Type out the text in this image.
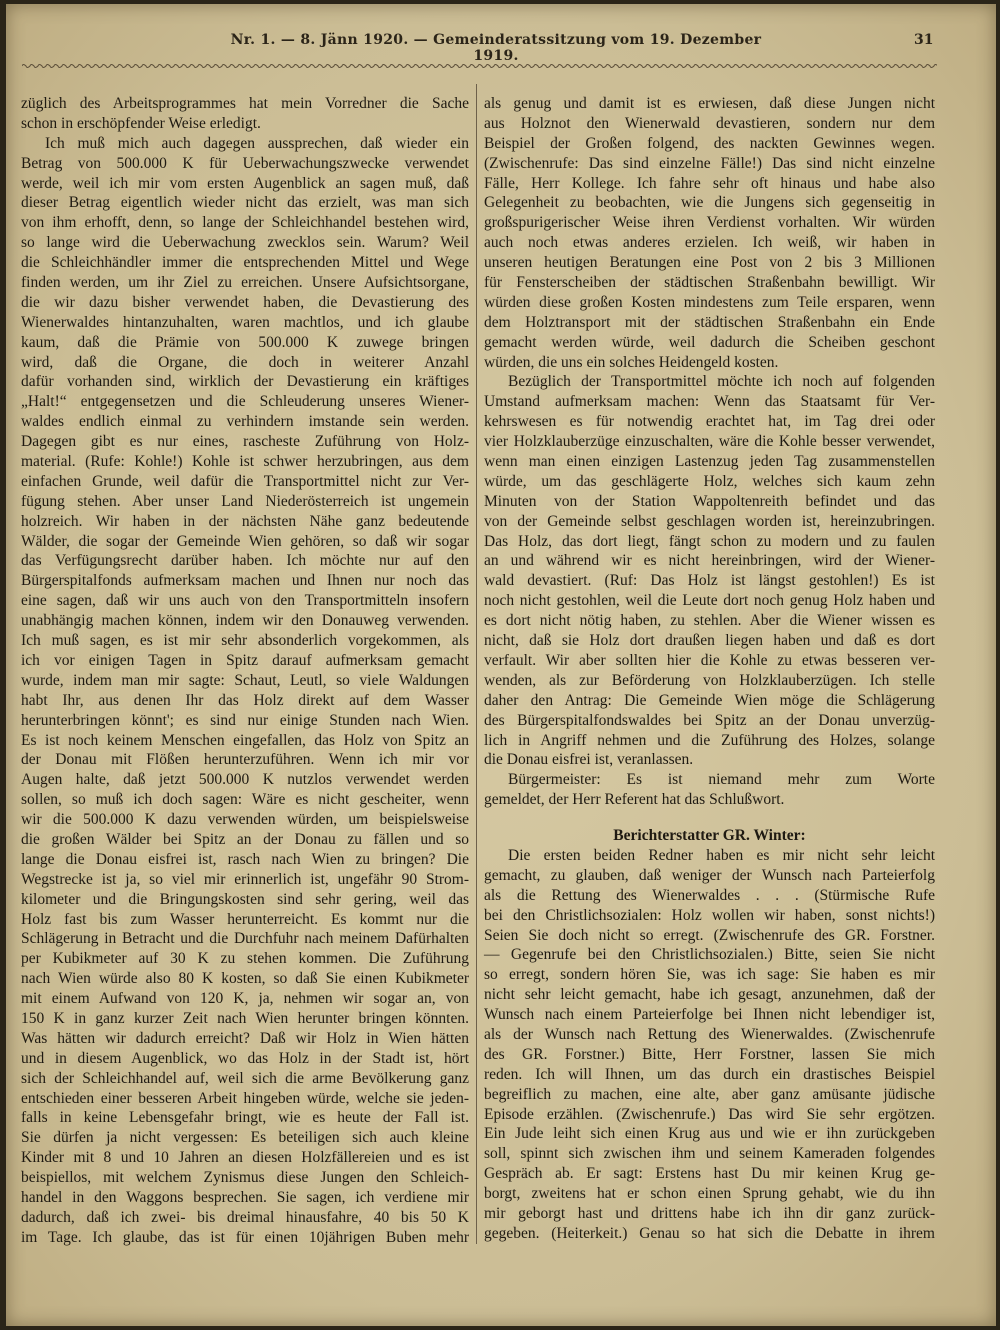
Nr. 1. — 8. Jänn 1920. — Gemeinderatssitzung vom 19. Dezember 1919.
31
züglich des Arbeitsprogrammes hat mein Vorredner die Sache
schon in erschöpfender Weise erledigt.
Ich muß mich auch dagegen aussprechen, daß wieder ein
Betrag von 500.000 K für Ueberwachungszwecke verwendet
werde, weil ich mir vom ersten Augenblick an sagen muß, daß
dieser Betrag eigentlich wieder nicht das erzielt, was man sich
von ihm erhofft, denn, so lange der Schleichhandel bestehen wird,
so lange wird die Ueberwachung zwecklos sein. Warum? Weil
die Schleichhändler immer die entsprechenden Mittel und Wege
finden werden, um ihr Ziel zu erreichen. Unsere Aufsichtsorgane,
die wir dazu bisher verwendet haben, die Devastierung des
Wienerwaldes hintanzuhalten, waren machtlos, und ich glaube
kaum, daß die Prämie von 500.000 K zuwege bringen
wird, daß die Organe, die doch in weiterer Anzahl
dafür vorhanden sind, wirklich der Devastierung ein kräftiges
„Halt!“ entgegensetzen und die Schleuderung unseres Wiener-
waldes endlich einmal zu verhindern imstande sein werden.
Dagegen gibt es nur eines, rascheste Zuführung von Holz-
material. (Rufe: Kohle!) Kohle ist schwer herzubringen, aus dem
einfachen Grunde, weil dafür die Transportmittel nicht zur Ver-
fügung stehen. Aber unser Land Niederösterreich ist ungemein
holzreich. Wir haben in der nächsten Nähe ganz bedeutende
Wälder, die sogar der Gemeinde Wien gehören, so daß wir sogar
das Verfügungsrecht darüber haben. Ich möchte nur auf den
Bürgerspitalfonds aufmerksam machen und Ihnen nur noch das
eine sagen, daß wir uns auch von den Transportmitteln insofern
unabhängig machen können, indem wir den Donauweg verwenden.
Ich muß sagen, es ist mir sehr absonderlich vorgekommen, als
ich vor einigen Tagen in Spitz darauf aufmerksam gemacht
wurde, indem man mir sagte: Schaut, Leutl, so viele Waldungen
habt Ihr, aus denen Ihr das Holz direkt auf dem Wasser
herunterbringen könnt'; es sind nur einige Stunden nach Wien.
Es ist noch keinem Menschen eingefallen, das Holz von Spitz an
der Donau mit Flößen herunterzuführen. Wenn ich mir vor
Augen halte, daß jetzt 500.000 K nutzlos verwendet werden
sollen, so muß ich doch sagen: Wäre es nicht gescheiter, wenn
wir die 500.000 K dazu verwenden würden, um beispielsweise
die großen Wälder bei Spitz an der Donau zu fällen und so
lange die Donau eisfrei ist, rasch nach Wien zu bringen? Die
Wegstrecke ist ja, so viel mir erinnerlich ist, ungefähr 90 Strom-
kilometer und die Bringungskosten sind sehr gering, weil das
Holz fast bis zum Wasser herunterreicht. Es kommt nur die
Schlägerung in Betracht und die Durchfuhr nach meinem Dafürhalten
per Kubikmeter auf 30 K zu stehen kommen. Die Zuführung
nach Wien würde also 80 K kosten, so daß Sie einen Kubikmeter
mit einem Aufwand von 120 K, ja, nehmen wir sogar an, von
150 K in ganz kurzer Zeit nach Wien herunter bringen könnten.
Was hätten wir dadurch erreicht? Daß wir Holz in Wien hätten
und in diesem Augenblick, wo das Holz in der Stadt ist, hört
sich der Schleichhandel auf, weil sich die arme Bevölkerung ganz
entschieden einer besseren Arbeit hingeben würde, welche sie jeden-
falls in keine Lebensgefahr bringt, wie es heute der Fall ist.
Sie dürfen ja nicht vergessen: Es beteiligen sich auch kleine
Kinder mit 8 und 10 Jahren an diesen Holzfällereien und es ist
beispiellos, mit welchem Zynismus diese Jungen den Schleich-
handel in den Waggons besprechen. Sie sagen, ich verdiene mir
dadurch, daß ich zwei- bis dreimal hinausfahre, 40 bis 50 K
im Tage. Ich glaube, das ist für einen 10jährigen Buben mehr
als genug und damit ist es erwiesen, daß diese Jungen nicht
aus Holznot den Wienerwald devastieren, sondern nur dem
Beispiel der Großen folgend, des nackten Gewinnes wegen.
(Zwischenrufe: Das sind einzelne Fälle!) Das sind nicht einzelne
Fälle, Herr Kollege. Ich fahre sehr oft hinaus und habe also
Gelegenheit zu beobachten, wie die Jungens sich gegenseitig in
großspurigerischer Weise ihren Verdienst vorhalten. Wir würden
auch noch etwas anderes erzielen. Ich weiß, wir haben in
unseren heutigen Beratungen eine Post von 2 bis 3 Millionen
für Fensterscheiben der städtischen Straßenbahn bewilligt. Wir
würden diese großen Kosten mindestens zum Teile ersparen, wenn
dem Holztransport mit der städtischen Straßenbahn ein Ende
gemacht werden würde, weil dadurch die Scheiben geschont
würden, die uns ein solches Heidengeld kosten.
Bezüglich der Transportmittel möchte ich noch auf folgenden
Umstand aufmerksam machen: Wenn das Staatsamt für Ver-
kehrswesen es für notwendig erachtet hat, im Tag drei oder
vier Holzklauberzüge einzuschalten, wäre die Kohle besser verwendet,
wenn man einen einzigen Lastenzug jeden Tag zusammenstellen
würde, um das geschlägerte Holz, welches sich kaum zehn
Minuten von der Station Wappoltenreith befindet und das
von der Gemeinde selbst geschlagen worden ist, hereinzubringen.
Das Holz, das dort liegt, fängt schon zu modern und zu faulen
an und während wir es nicht hereinbringen, wird der Wiener-
wald devastiert. (Ruf: Das Holz ist längst gestohlen!) Es ist
noch nicht gestohlen, weil die Leute dort noch genug Holz haben und
es dort nicht nötig haben, zu stehlen. Aber die Wiener wissen es
nicht, daß sie Holz dort draußen liegen haben und daß es dort
verfault. Wir aber sollten hier die Kohle zu etwas besseren ver-
wenden, als zur Beförderung von Holzklauberzügen. Ich stelle
daher den Antrag: Die Gemeinde Wien möge die Schlägerung
des Bürgerspitalfondswaldes bei Spitz an der Donau unverzüg-
lich in Angriff nehmen und die Zuführung des Holzes, solange
die Donau eisfrei ist, veranlassen.
Bürgermeister: Es ist niemand mehr zum Worte
gemeldet, der Herr Referent hat das Schlußwort.
Berichterstatter GR. Winter:
Die ersten beiden Redner haben es mir nicht sehr leicht
gemacht, zu glauben, daß weniger der Wunsch nach Parteierfolg
als die Rettung des Wienerwaldes . . . (Stürmische Rufe
bei den Christlichsozialen: Holz wollen wir haben, sonst nichts!)
Seien Sie doch nicht so erregt. (Zwischenrufe des GR. Forstner.
— Gegenrufe bei den Christlichsozialen.) Bitte, seien Sie nicht
so erregt, sondern hören Sie, was ich sage: Sie haben es mir
nicht sehr leicht gemacht, habe ich gesagt, anzunehmen, daß der
Wunsch nach einem Parteierfolge bei Ihnen nicht lebendiger ist,
als der Wunsch nach Rettung des Wienerwaldes. (Zwischenrufe
des GR. Forstner.) Bitte, Herr Forstner, lassen Sie mich
reden. Ich will Ihnen, um das durch ein drastisches Beispiel
begreiflich zu machen, eine alte, aber ganz amüsante jüdische
Episode erzählen. (Zwischenrufe.) Das wird Sie sehr ergötzen.
Ein Jude leiht sich einen Krug aus und wie er ihn zurückgeben
soll, spinnt sich zwischen ihm und seinem Kameraden folgendes
Gespräch ab. Er sagt: Erstens hast Du mir keinen Krug ge-
borgt, zweitens hat er schon einen Sprung gehabt, wie du ihn
mir geborgt hast und drittens habe ich ihn dir ganz zurück-
gegeben. (Heiterkeit.) Genau so hat sich die Debatte in ihrem
